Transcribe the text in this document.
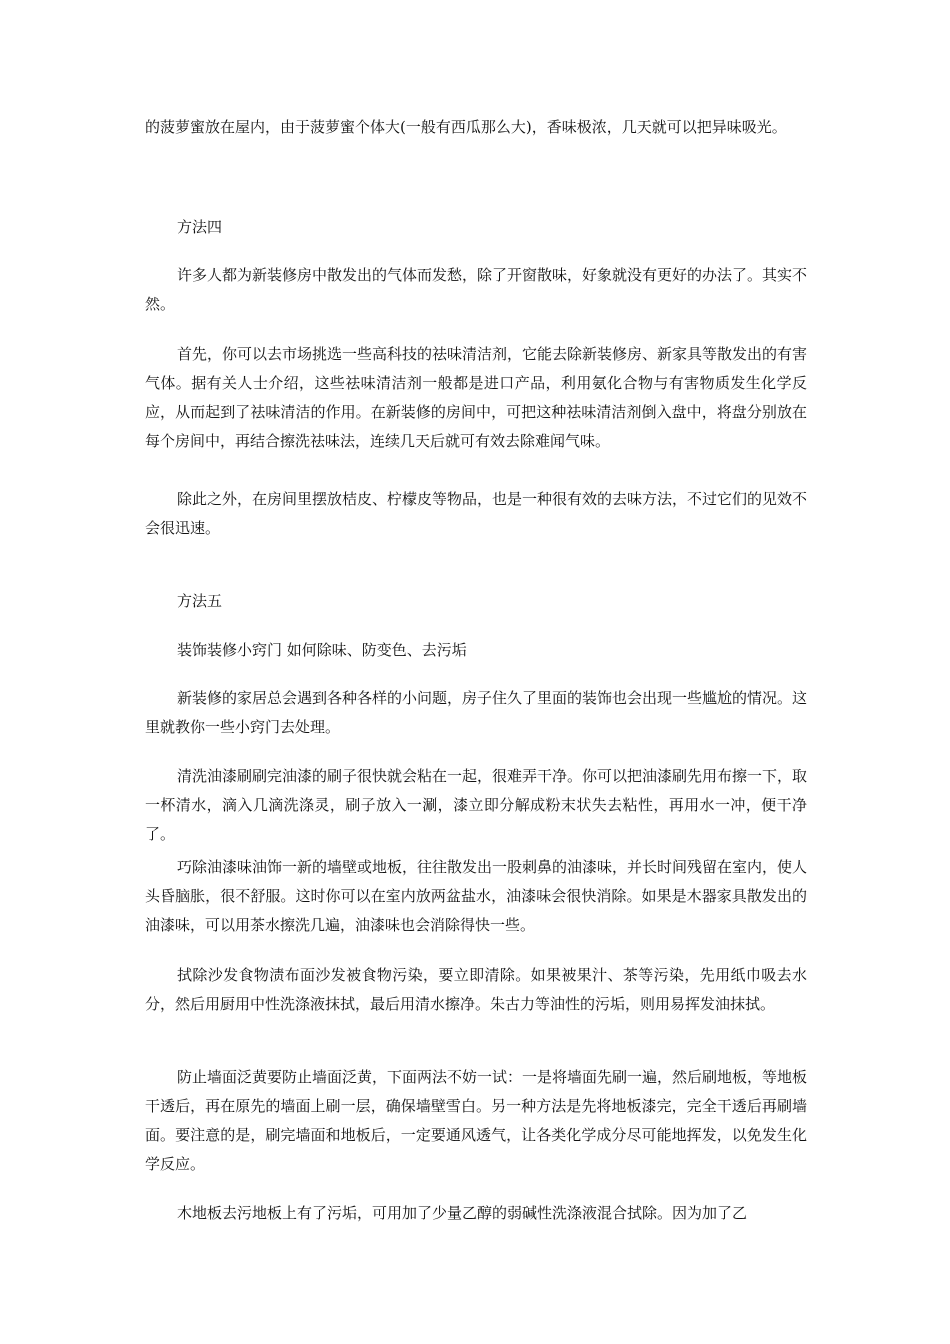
的菠萝蜜放在屋内，由于菠萝蜜个体大(一般有西瓜那么大)，香味极浓，几天就可以把异味吸光。

方法四

许多人都为新装修房中散发出的气体而发愁，除了开窗散味，好象就没有更好的办法了。其实不然。

首先，你可以去市场挑选一些高科技的祛味清洁剂，它能去除新装修房、新家具等散发出的有害气体。据有关人士介绍，这些祛味清洁剂一般都是进口产品，利用氨化合物与有害物质发生化学反应，从而起到了祛味清洁的作用。在新装修的房间中，可把这种祛味清洁剂倒入盘中，将盘分别放在每个房间中，再结合擦洗祛味法，连续几天后就可有效去除难闻气味。

除此之外，在房间里摆放桔皮、柠檬皮等物品，也是一种很有效的去味方法，不过它们的见效不会很迅速。

方法五

装饰装修小窍门 如何除味、防变色、去污垢

新装修的家居总会遇到各种各样的小问题，房子住久了里面的装饰也会出现一些尴尬的情况。这里就教你一些小窍门去处理。

清洗油漆刷刷完油漆的刷子很快就会粘在一起，很难弄干净。你可以把油漆刷先用布擦一下，取一杯清水，滴入几滴洗涤灵，刷子放入一涮，漆立即分解成粉末状失去粘性，再用水一冲，便干净了。

巧除油漆味油饰一新的墙壁或地板，往往散发出一股刺鼻的油漆味，并长时间残留在室内，使人头昏脑胀，很不舒服。这时你可以在室内放两盆盐水，油漆味会很快消除。如果是木器家具散发出的油漆味，可以用茶水擦洗几遍，油漆味也会消除得快一些。

拭除沙发食物渍布面沙发被食物污染，要立即清除。如果被果汁、茶等污染，先用纸巾吸去水分，然后用厨用中性洗涤液抹拭，最后用清水擦净。朱古力等油性的污垢，则用易挥发油抹拭。

防止墙面泛黄要防止墙面泛黄，下面两法不妨一试：一是将墙面先刷一遍，然后刷地板，等地板干透后，再在原先的墙面上刷一层，确保墙壁雪白。另一种方法是先将地板漆完，完全干透后再刷墙面。要注意的是，刷完墙面和地板后，一定要通风透气，让各类化学成分尽可能地挥发，以免发生化学反应。

木地板去污地板上有了污垢，可用加了少量乙醇的弱碱性洗涤液混合拭除。因为加了乙
